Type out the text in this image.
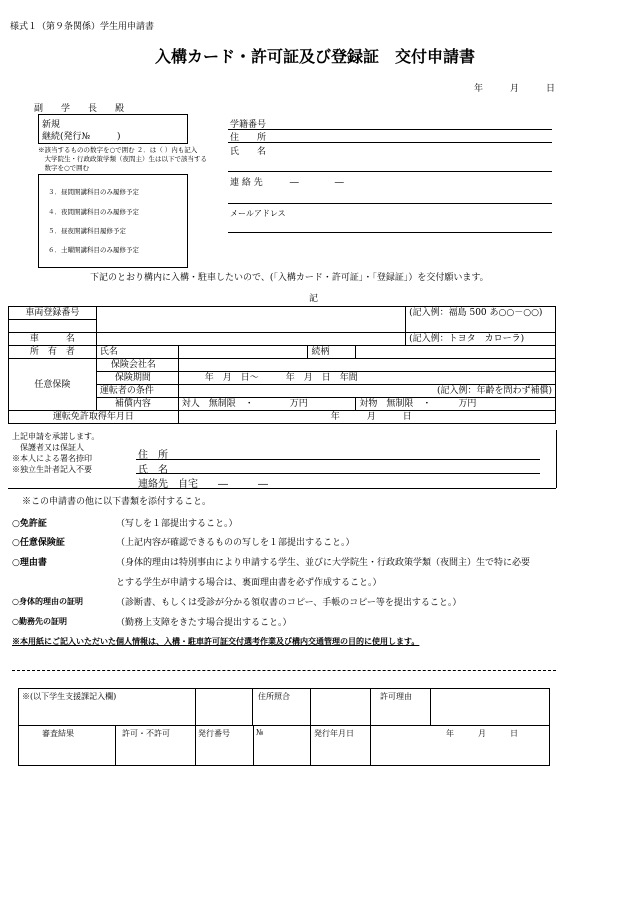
様式１（第９条関係）学生用申請書
入構カード・許可証及び登録証　交付申請書
年　　　月　　　日
副　　学　　長　　殿
新規
継続(発行№　　　)
※該当するものの数字を○で囲む ２．は（ ）内も記入
　大学院生・行政政策学類（夜間主）生は以下で該当する
　数字を○で囲む
３．昼間開講科目のみ履修予定
４．夜間開講科目のみ履修予定
５．昼夜開講科目履修予定
６．土曜開講科目のみ履修予定
学籍番号
住　　所
氏　　名
連 絡 先　　　―　　　　―
メールアドレス
下記のとおり構内に入構・駐車したいので、(「入構カード・許可証」・「登録証」）を交付願います。
記
車両登録番号					(記入例：福島 500 あ○○－○○)

車　　　名					(記入例：トヨタ　カローラ)
所　有　者	氏名		続柄		
任意保険	保険会社名				
	保険期間	年　月　日～　　　年　月　日　年間			
	運転者の条件	(記入例：年齢を問わず補償)			
	補償内容	対人　無制限　・　　　　万円		対物　無制限　・　　　万円	
運転免許取得年月日		年　　　月　　　日			
上記申請を承諾します。
　保護者又は保証人
※本人による署名捺印
※独立生計者記入不要
住　所
氏　名
連絡先　自宅　　―　　　―
※この申請書の他に以下書類を添付すること。
○免許証	（写しを１部提出すること。）
○任意保険証	（上記内容が確認できるものの写しを１部提出すること。）
○理由書	（身体的理由は特別事由により申請する学生、並びに大学院生・行政政策学類（夜間主）生で特に必要
とする学生が申請する場合は、裏面理由書を必ず作成すること。）
○身体的理由の証明	（診断書、もしくは受診が分かる領収書のコピー、手帳のコピー等を提出すること。）
○勤務先の証明	（勤務上支障をきたす場合提出すること。）
※本用紙にご記入いただいた個人情報は、入構・駐車許可証交付選考作業及び構内交通管理の目的に使用します。
※(以下学生支援課記入欄)	住所照合	許可理由
審査結果	許可・不許可	発行番号	№	発行年月日	年　　　月　　　日
